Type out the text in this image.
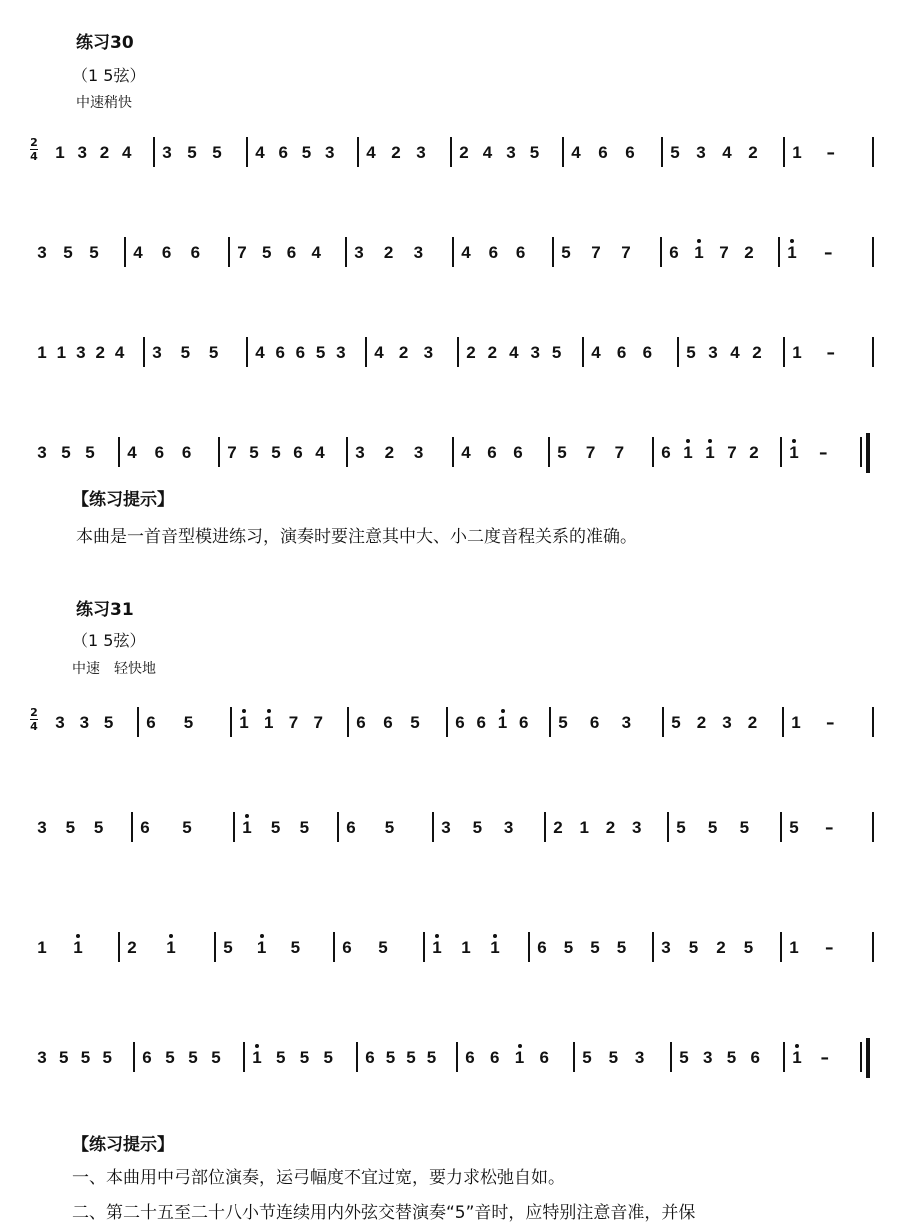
练习30
（1 5弦）
中速稍快
2
4 1 3 2 4 3 5 5 4 6 5 3 4 2 3 2 4 3 5 4 6 6 5 3 4 2 1 –
3 5 5 4 6 6 7 5 6 4 3 2 3 4 6 6 5 7 7 6 1 7 2 1 –
1 1 3 2 4 3 5 5 4 6 6 5 3 4 2 3 2 2 4 3 5 4 6 6 5 3 4 2 1 –
3 5 5 4 6 6 7 5 5 6 4 3 2 3 4 6 6 5 7 7 6 1 1 7 2 1 –
【练习提示】
本曲是一首音型模进练习，演奏时要注意其中大、小二度音程关系的准确。
练习31
（1 5弦）
中速　轻快地
2
4 3 3 5 6 5	1 1 7 7 6 6 5 6 6 1 6 5 6 3 5 2 3 2 1 –
3 5 5 6 5	1 5 5 6 5	3 5 3 2 1 2 3 5 5 5 5 –
1 1	2 1	5 1 5 6 5	1 1 1 6 5 5 5 3 5 2 5 1 –
3 5 5 5 6 5 5 5 1 5 5 5 6 5 5 5 6 6 1 6 5 5 3 5 3 5 6 1 –
【练习提示】
一、本曲用中弓部位演奏，运弓幅度不宜过宽，要力求松弛自如。
二、第二十五至二十八小节连续用内外弦交替演奏“5”音时，应特别注意音准，并保
